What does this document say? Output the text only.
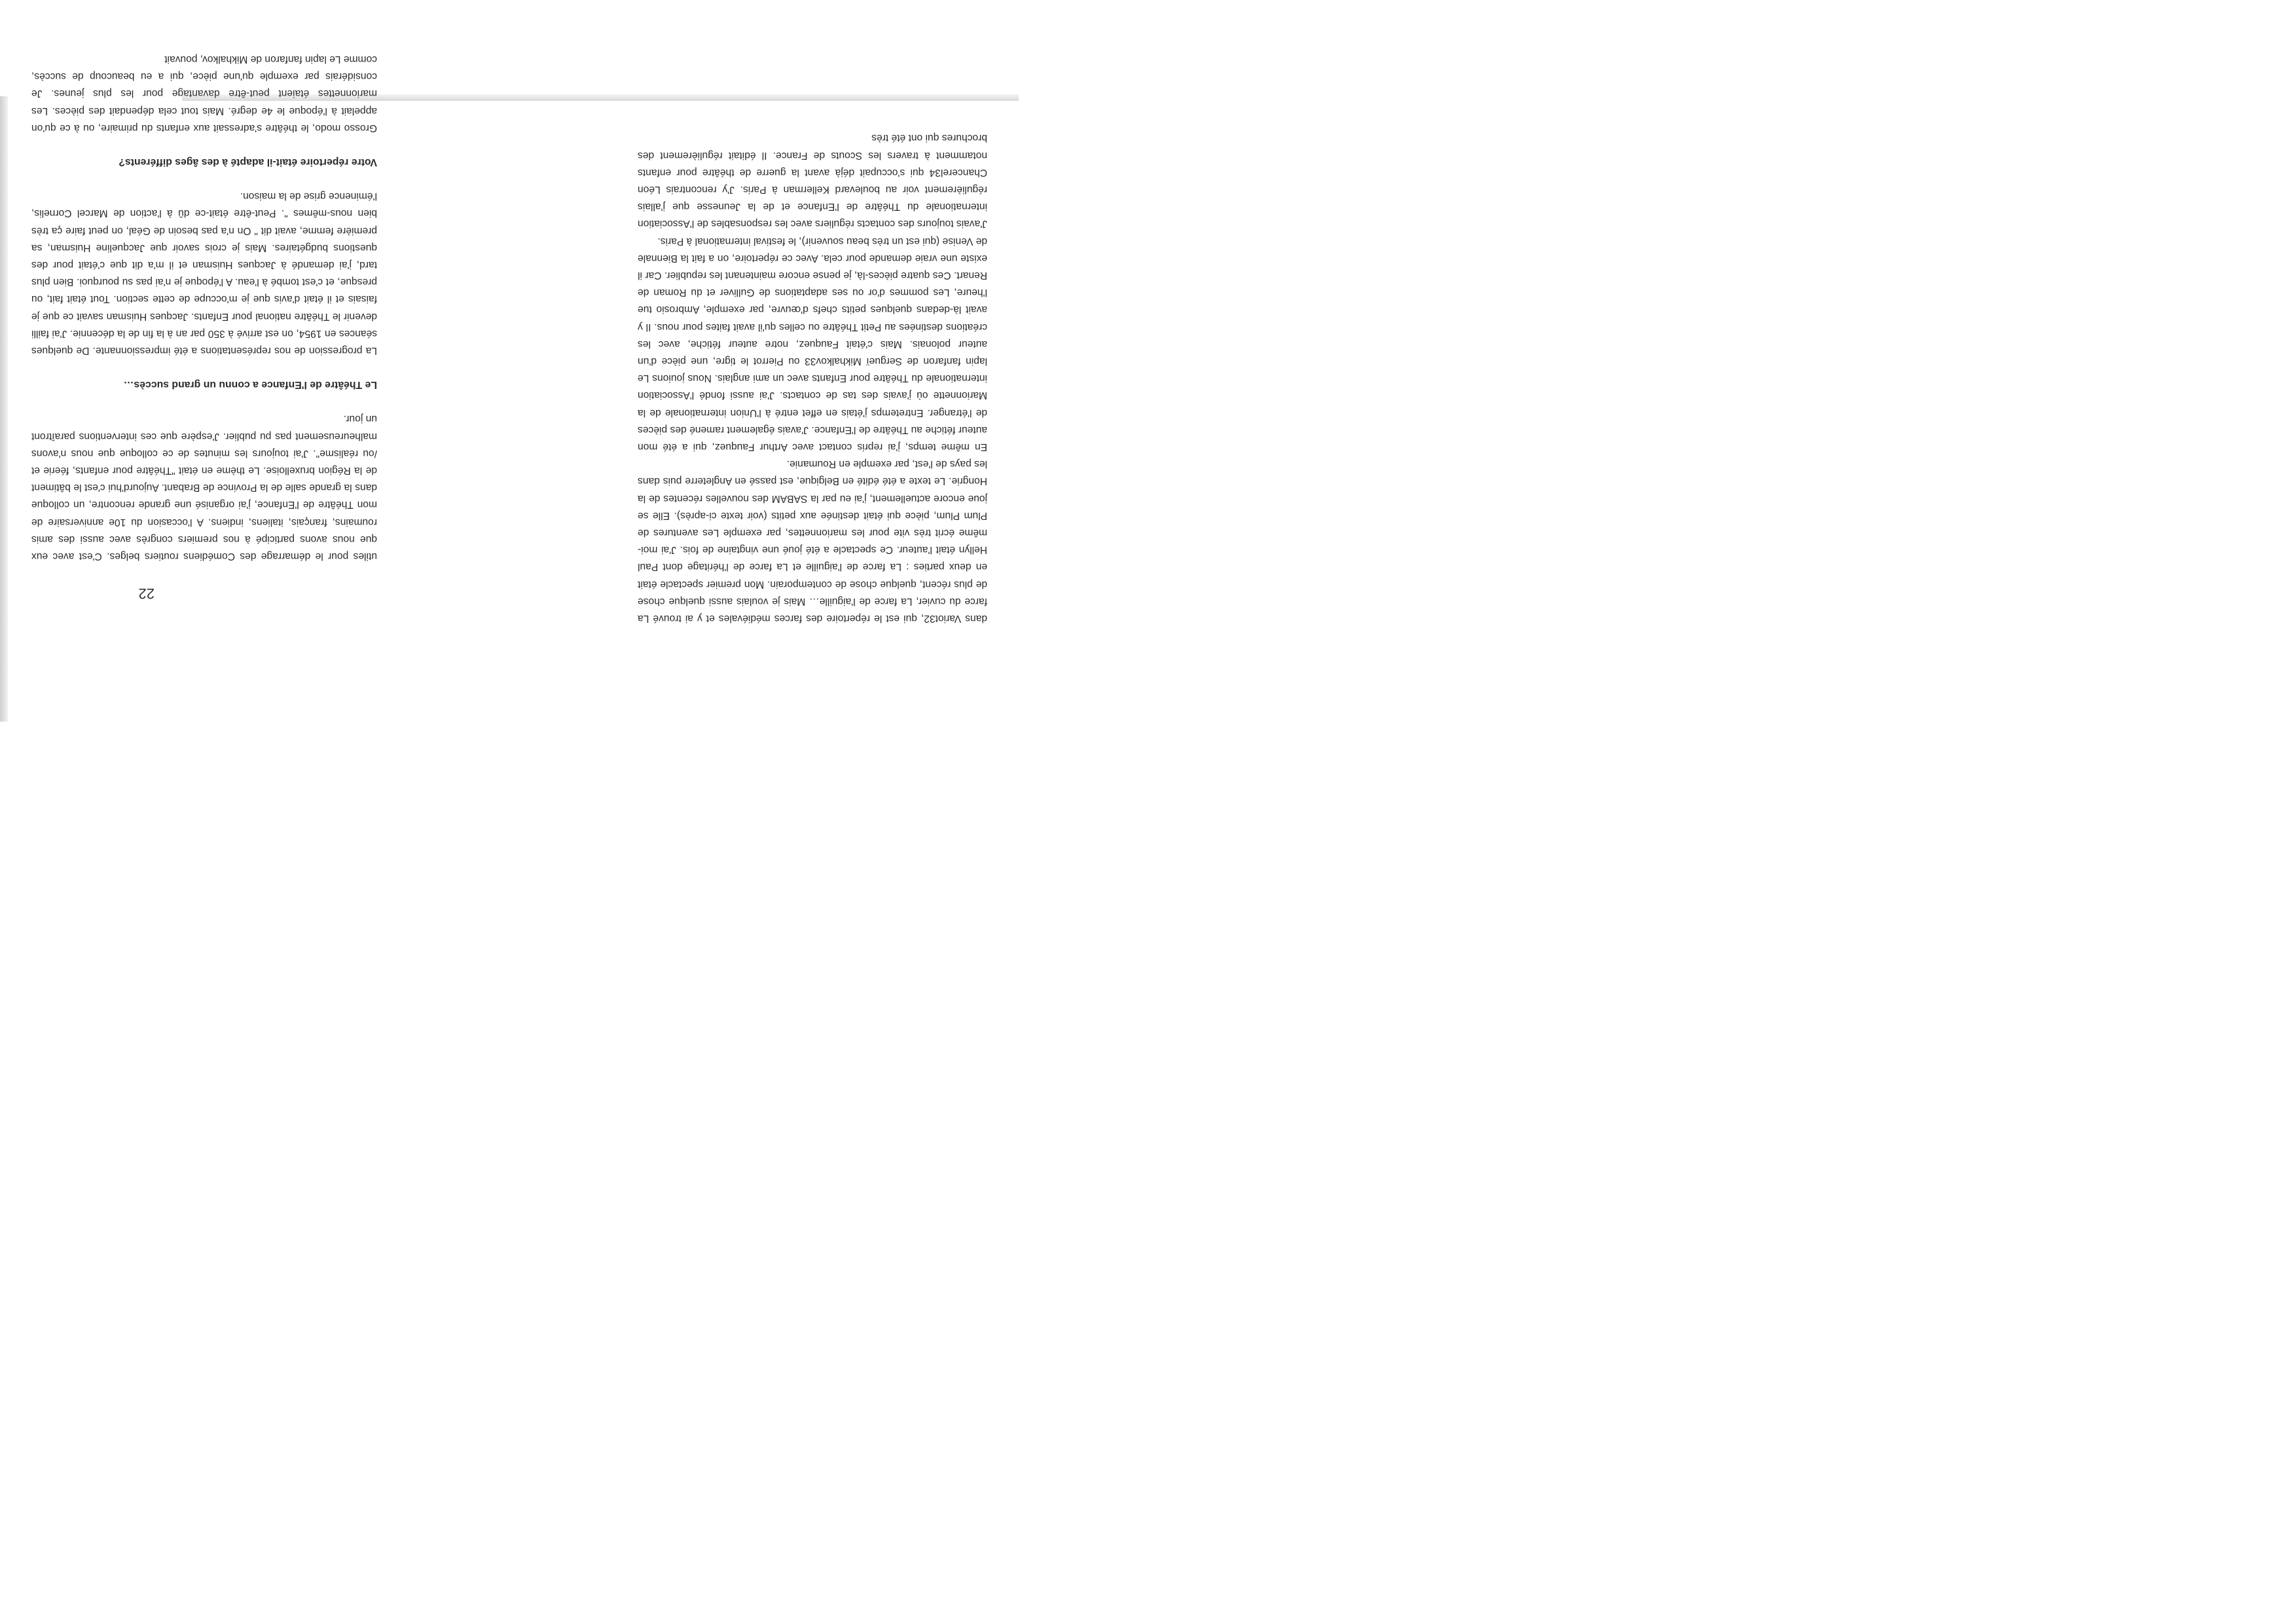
22

dans Variot32, qui est le répertoire des farces médiévales et y ai trouvé La farce du cuvier, La farce de l'aiguille… Mais je voulais aussi quelque chose de plus récent, quelque chose de contemporain. Mon premier spectacle était en deux parties : La farce de l'aiguille et La farce de l'héritage dont Paul Hellyn était l'auteur. Ce spectacle a été joué une vingtaine de fois. J'ai moi-même écrit très vite pour les marionnettes, par exemple Les aventures de Plum Plum, pièce qui était destinée aux petits (voir texte ci-après). Elle se joue encore actuellement, j'ai eu par la SABAM des nouvelles récentes de la Hongrie. Le texte a été édité en Belgique, est passé en Angleterre puis dans les pays de l'est, par exemple en Roumanie.

En même temps, j'ai repris contact avec Arthur Fauquez, qui a été mon auteur fétiche au Théâtre de l'Enfance. J'avais également ramené des pièces de l'étranger. Entretemps j'étais en effet entré à l'Union internationale de la Marionnette où j'avais des tas de contacts. J'ai aussi fondé l'Association internationale du Théâtre pour Enfants avec un ami anglais. Nous jouions Le lapin fanfaron de Sergueï Mikhalkov33 ou Pierrot le tigre, une pièce d'un auteur polonais. Mais c'était Fauquez, notre auteur fétiche, avec les créations destinées au Petit Théâtre ou celles qu'il avait faites pour nous. Il y avait là-dedans quelques petits chefs d'œuvre, par exemple, Ambrosio tue l'heure, Les pommes d'or ou ses adaptations de Gulliver et du Roman de Renart. Ces quatre pièces-là, je pense encore maintenant les republier. Car il existe une vraie demande pour cela. Avec ce répertoire, on a fait la Biennale de Venise (qui est un très beau souvenir), le festival international à Paris.

J'avais toujours des contacts réguliers avec les responsables de l'Association internationale du Théâtre de l'Enfance et de la Jeunesse que j'allais régulièrement voir au boulevard Kellerman à Paris. J'y rencontrais Léon Chancerel34 qui s'occupait déjà avant la guerre de théâtre pour enfants notamment à travers les Scouts de France. Il éditait régulièrement des brochures qui ont été très

utiles pour le démarrage des Comédiens routiers belges. C'est avec eux que nous avons participé à nos premiers congrès avec aussi des amis roumains, français, italiens, indiens. A l'occasion du 10e anniversaire de mon Théâtre de l'Enfance, j'ai organisé une grande rencontre, un colloque dans la grande salle de la Province de Brabant. Aujourd'hui c'est le bâtiment de la Région bruxelloise. Le thème en était "Théâtre pour enfants, féerie et /ou réalisme". J'ai toujours les minutes de ce colloque que nous n'avons malheureusement pas pu publier. J'espère que ces interventions paraîtront un jour.

Le Théâtre de l'Enfance a connu un grand succès…

La progression de nos représentations a été impressionnante. De quelques séances en 1954, on est arrivé à 350 par an à la fin de la décennie. J'ai failli devenir le Théâtre national pour Enfants. Jacques Huisman savait ce que je faisais et il était d'avis que je m'occupe de cette section. Tout était fait, ou presque, et c'est tombé à l'eau. A l'époque je n'ai pas su pourquoi. Bien plus tard, j'ai demandé à Jacques Huisman et il m'a dit que c'était pour des questions budgétaires. Mais je crois savoir que Jacqueline Huisman, sa première femme, avait dit " On n'a pas besoin de Géal, on peut faire ça très bien nous-mêmes ". Peut-être était-ce dû à l'action de Marcel Cornelis, l'éminence grise de la maison.

Votre répertoire était-il adapté à des âges différents?

Grosso modo, le théâtre s'adressait aux enfants du primaire, ou à ce qu'on appelait à l'époque le 4e degré. Mais tout cela dépendait des pièces. Les marionnettes étaient peut-être davantage pour les plus jeunes. Je considérais par exemple qu'une pièce, qui a eu beaucoup de succès, comme Le lapin fanfaron de Mikhalkov, pouvait
